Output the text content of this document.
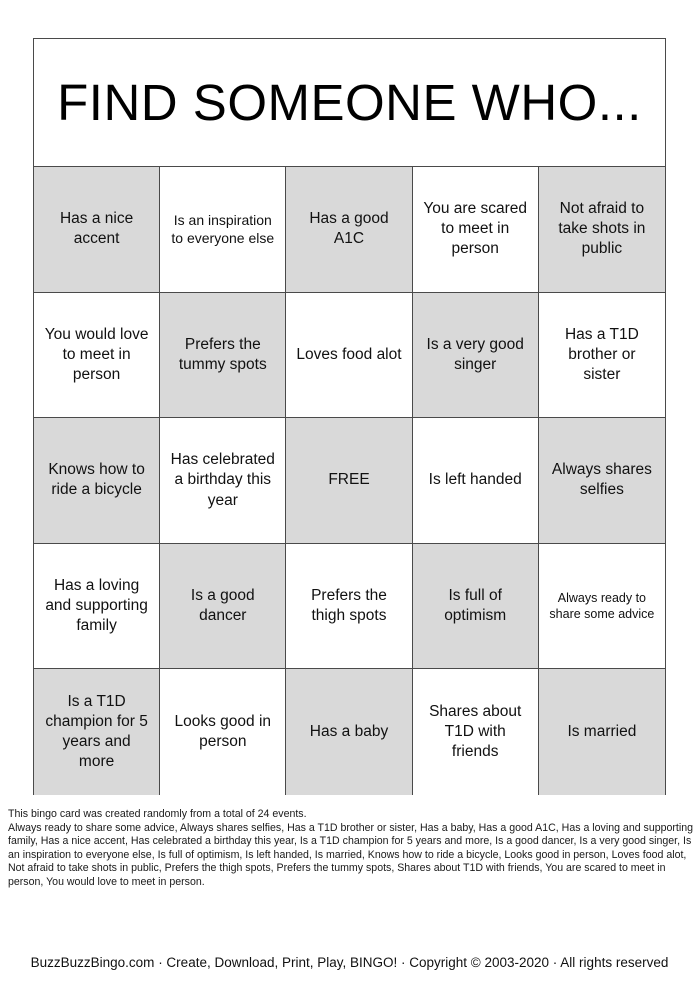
FIND SOMEONE WHO...
Has a nice accent
Is an inspiration to everyone else
Has a good A1C
You are scared to meet in person
Not afraid to take shots in public
You would love to meet in person
Prefers the tummy spots
Loves food alot
Is a very good singer
Has a T1D brother or sister
Knows how to ride a bicycle
Has celebrated a birthday this year
FREE	Is left handed
Always shares selfies
Has a loving and supporting family
Is a good dancer
Prefers the thigh spots
Is full of optimism
Always ready to share some advice
Is a T1D champion for 5 years and more
Looks good in person
Has a baby
Shares about T1D with friends
Is married

This bingo card was created randomly from a total of 24 events.

Always ready to share some advice, Always shares selfies, Has a T1D brother or sister, Has a baby, Has a good A1C, Has a loving and supporting family, Has a nice accent, Has celebrated a birthday this year, Is a T1D champion for 5 years and more, Is a good dancer, Is a very good singer, Is an inspiration to everyone else, Is full of optimism, Is left handed, Is married, Knows how to ride a bicycle, Looks good in person, Loves food alot, Not afraid to take shots in public, Prefers the thigh spots, Prefers the tummy spots, Shares about T1D with friends, You are scared to meet in person, You would love to meet in person.

BuzzBuzzBingo.com · Create, Download, Print, Play, BINGO! · Copyright © 2003-2020 · All rights reserved
